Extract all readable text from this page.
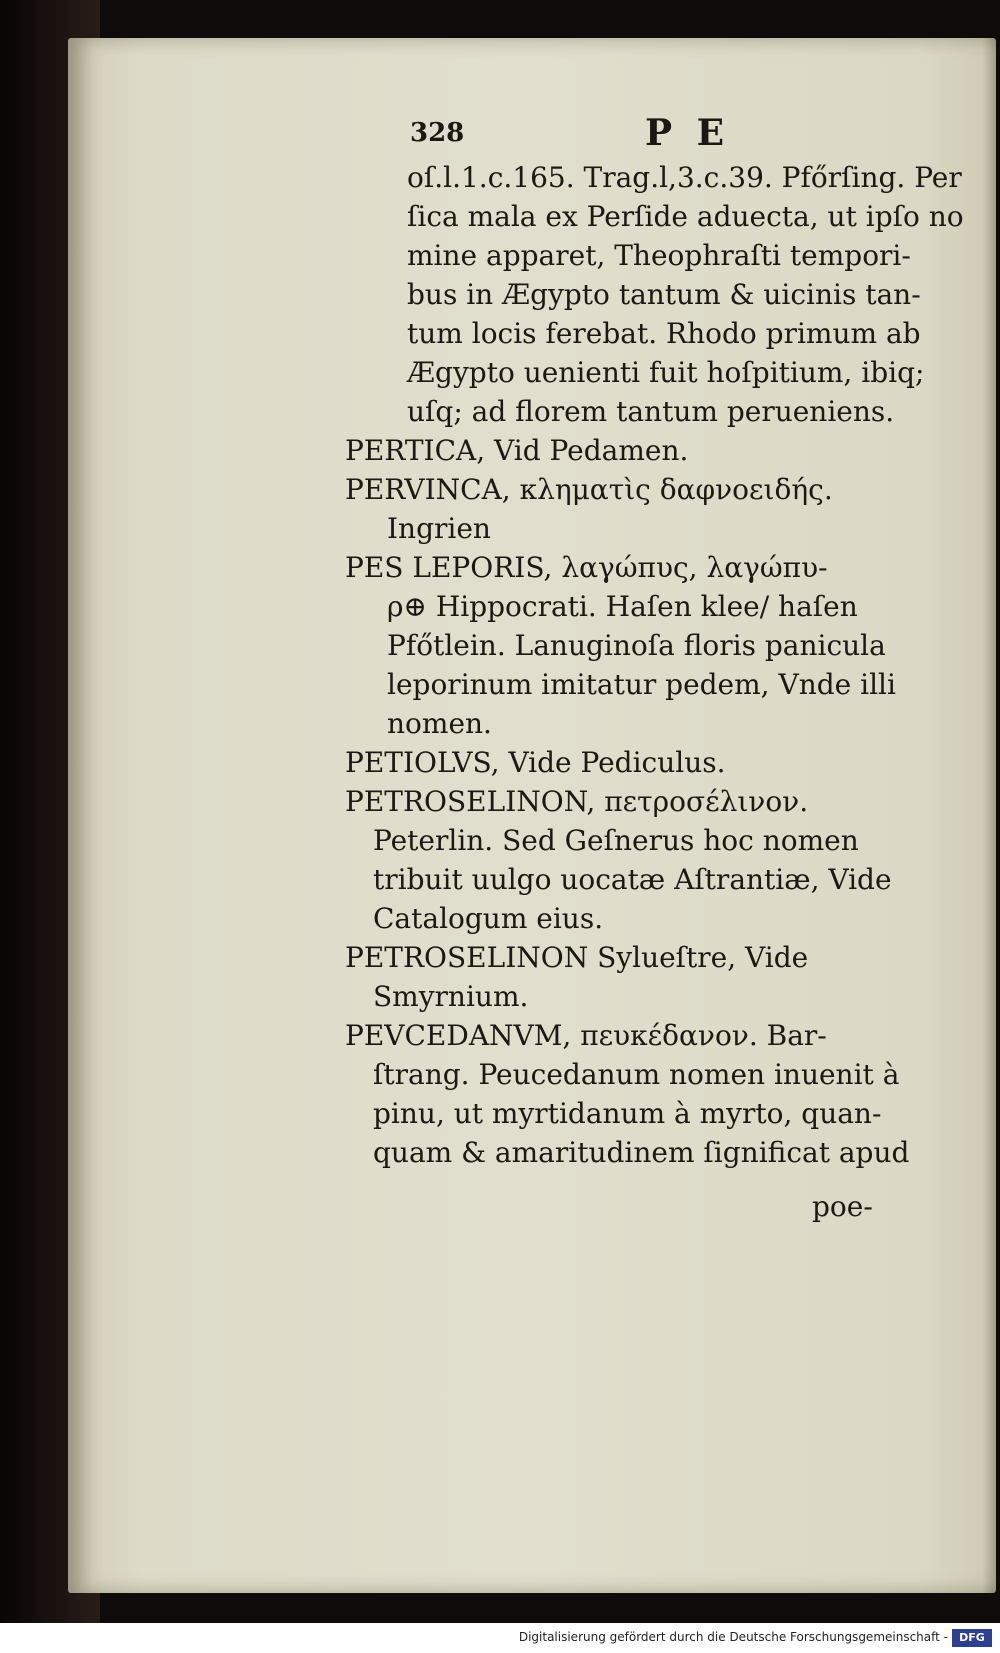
328	P E
oſ.l.1.c.165. Trag.l,3.c.39. Pfőrſing. Per
ſica mala ex Perſide aduecta, ut ipſo no
mine apparet, Theophraſti tempori-
bus in Ægypto tantum & uicinis tan-
tum locis ferebat. Rhodo primum ab
Ægypto uenienti fuit hoſpitium, ibiq;
uſq; ad florem tantum perueniens.
PERTICA, Vid Pedamen.
PERVINCA, κληματὶς δαφνοειδής.
Ingrien
PES LEPORIS, λαγώπυς, λαγώπυ-
ρ⊕ Hippocrati. Haſen klee/ haſen
Pfőtlein. Lanuginoſa floris panicula
leporinum imitatur pedem, Vnde illi
nomen.
PETIOLVS, Vide Pediculus.
PETROSELINON, πετροσέλινον.
Peterlin. Sed Geſnerus hoc nomen
tribuit uulgo uocatæ Aſtrantiæ, Vide
Catalogum eius.
PETROSELINON Sylueſtre, Vide
Smyrnium.
PEVCEDANVM, πευκέδανον. Bar-
ſtrang. Peucedanum nomen inuenit à
pinu, ut myrtidanum à myrto, quan-
quam & amaritudinem ſignificat apud
poe-
Digitalisierung gefördert durch die Deutsche Forschungsgemeinschaft -	DFG
